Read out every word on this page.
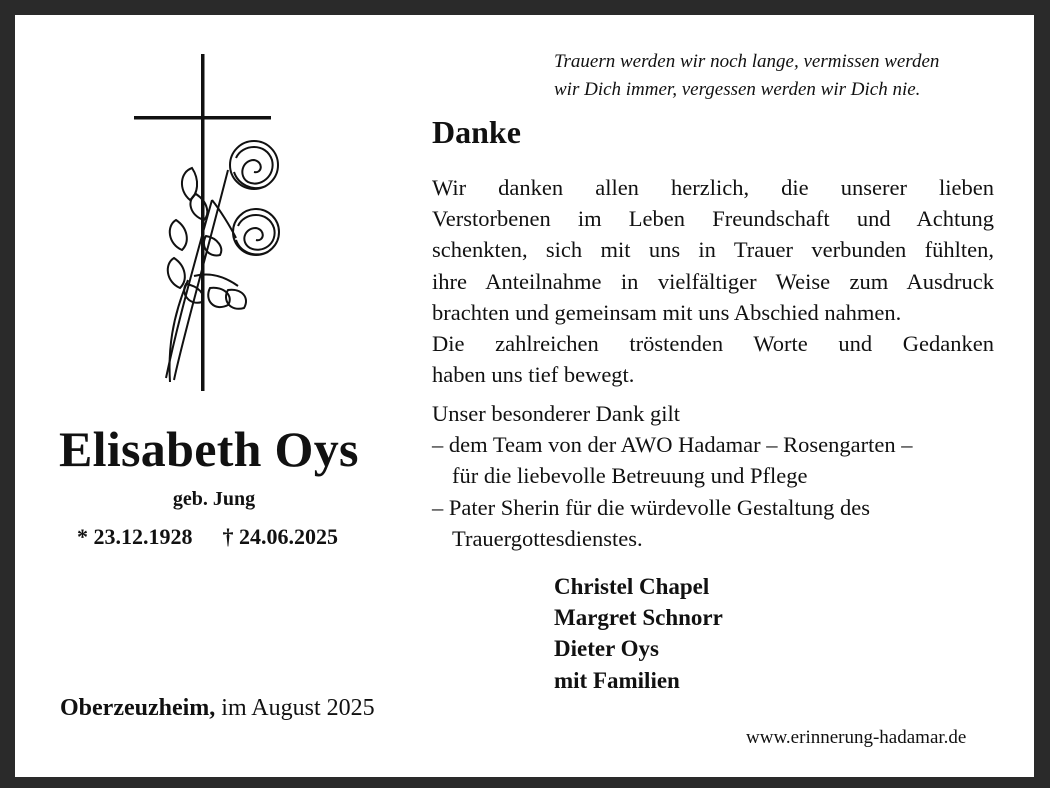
Trauern werden wir noch lange, vermissen werden
wir Dich immer, vergessen werden wir Dich nie.
Danke
Wir danken allen herzlich, die unserer lieben
Verstorbenen im Leben Freundschaft und Achtung
schenkten, sich mit uns in Trauer verbunden fühlten,
ihre Anteilnahme in vielfältiger Weise zum Ausdruck
brachten und gemeinsam mit uns Abschied nahmen.
Die zahlreichen tröstenden Worte und Gedanken
haben uns tief bewegt.
Unser besonderer Dank gilt
– dem Team von der AWO Hadamar – Rosengarten –
für die liebevolle Betreuung und Pflege
– Pater Sherin für die würdevolle Gestaltung des
Trauergottesdienstes.
Christel Chapel
Margret Schnorr
Dieter Oys
mit Familien
Elisabeth Oys
geb. Jung
* 23.12.1928 † 24.06.2025
Oberzeuzheim, im August 2025
www.erinnerung-hadamar.de
